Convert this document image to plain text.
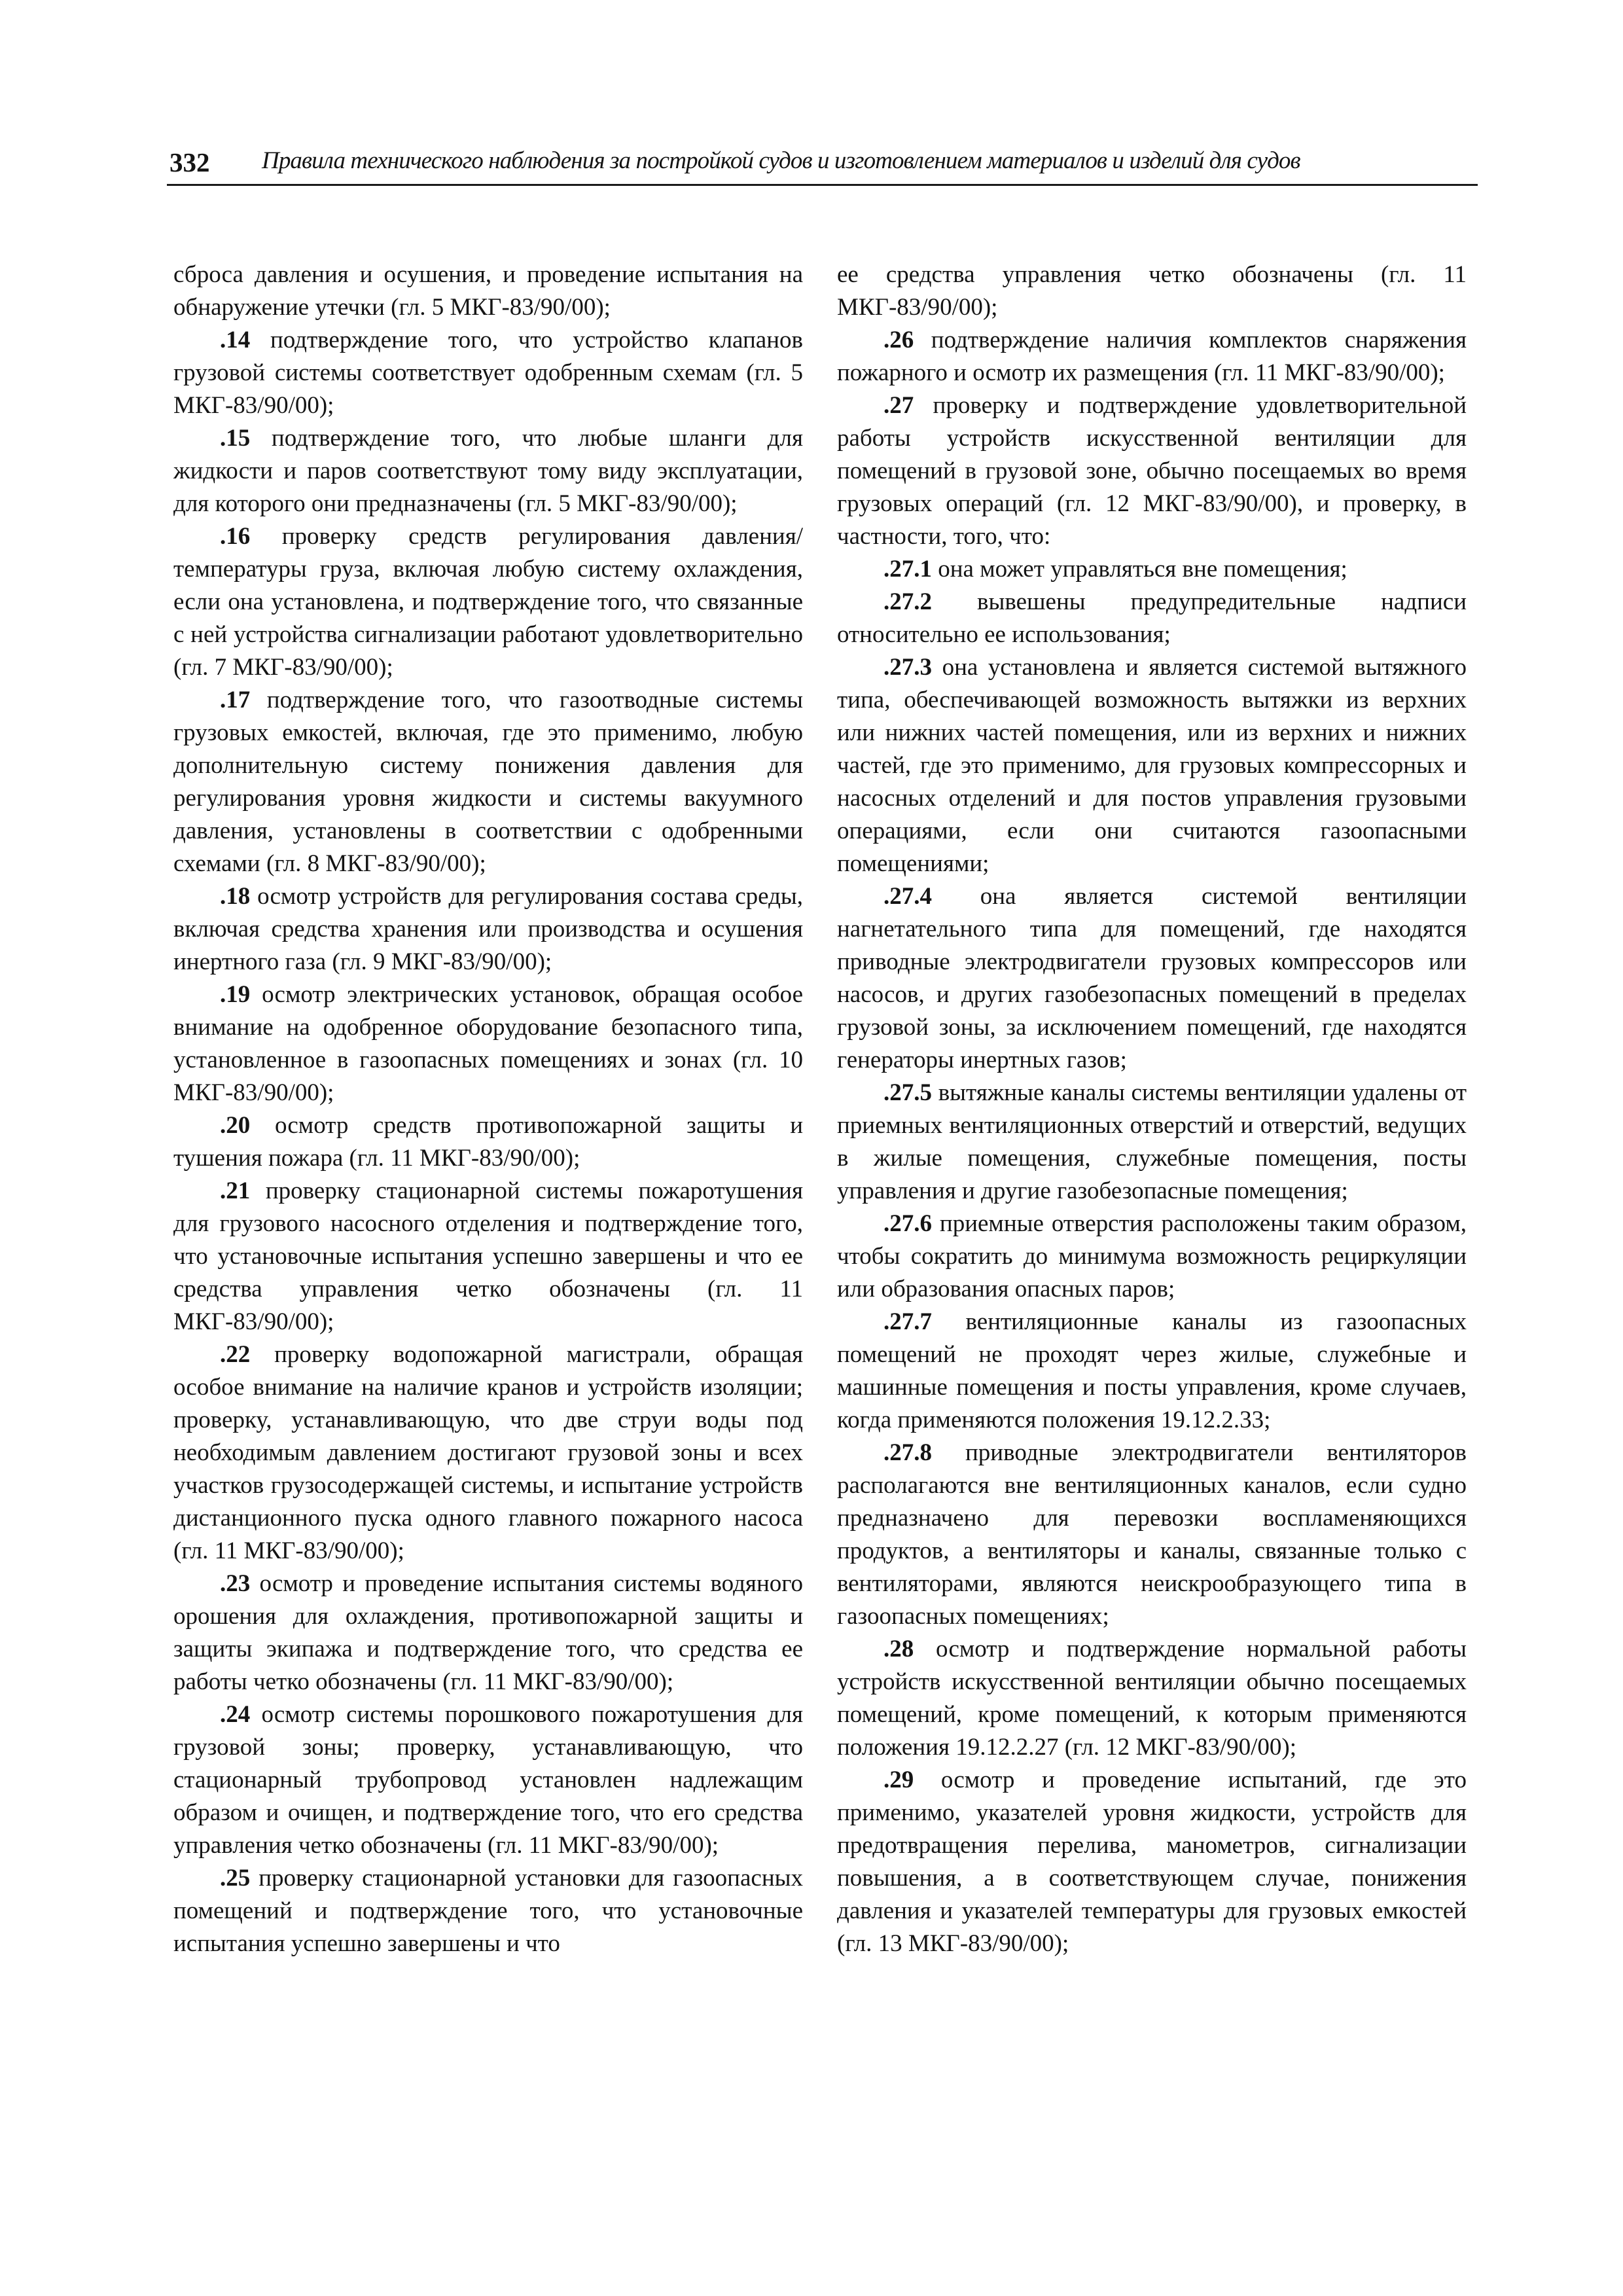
332 Правила технического наблюдения за постройкой судов и изготовлением материалов и изделий для судов

сброса давления и осушения, и проведение испытания на обнаружение утечки (гл. 5 МКГ-83/90/00);

.14 подтверждение того, что устройство клапанов грузовой системы соответствует одобренным схемам (гл. 5 МКГ-83/90/00);

.15 подтверждение того, что любые шланги для жидкости и паров соответствуют тому виду эксплуатации, для которого они предназначены (гл. 5 МКГ-83/90/00);

.16 проверку средств регулирования давления/температуры груза, включая любую систему охлаждения, если она установлена, и подтверждение того, что связанные с ней устройства сигнализации работают удовлетворительно (гл. 7 МКГ-83/90/00);

.17 подтверждение того, что газоотводные системы грузовых емкостей, включая, где это применимо, любую дополнительную систему понижения давления для регулирования уровня жидкости и системы вакуумного давления, установлены в соответствии с одобренными схемами (гл. 8 МКГ-83/90/00);

.18 осмотр устройств для регулирования состава среды, включая средства хранения или производства и осушения инертного газа (гл. 9 МКГ-83/90/00);

.19 осмотр электрических установок, обращая особое внимание на одобренное оборудование безопасного типа, установленное в газоопасных помещениях и зонах (гл. 10 МКГ-83/90/00);

.20 осмотр средств противопожарной защиты и тушения пожара (гл. 11 МКГ-83/90/00);

.21 проверку стационарной системы пожаротушения для грузового насосного отделения и подтверждение того, что установочные испытания успешно завершены и что ее средства управления четко обозначены (гл. 11 МКГ-83/90/00);

.22 проверку водопожарной магистрали, обращая особое внимание на наличие кранов и устройств изоляции; проверку, устанавливающую, что две струи воды под необходимым давлением достигают грузовой зоны и всех участков грузосодержащей системы, и испытание устройств дистанционного пуска одного главного пожарного насоса (гл. 11 МКГ-83/90/00);

.23 осмотр и проведение испытания системы водяного орошения для охлаждения, противопожарной защиты и защиты экипажа и подтверждение того, что средства ее работы четко обозначены (гл. 11 МКГ-83/90/00);

.24 осмотр системы порошкового пожаротушения для грузовой зоны; проверку, устанавливающую, что стационарный трубопровод установлен надлежащим образом и очищен, и подтверждение того, что его средства управления четко обозначены (гл. 11 МКГ-83/90/00);

.25 проверку стационарной установки для газоопасных помещений и подтверждение того, что установочные испытания успешно завершены и что

ее средства управления четко обозначены (гл. 11 МКГ-83/90/00);

.26 подтверждение наличия комплектов снаряжения пожарного и осмотр их размещения (гл. 11 МКГ-83/90/00);

.27 проверку и подтверждение удовлетворительной работы устройств искусственной вентиляции для помещений в грузовой зоне, обычно посещаемых во время грузовых операций (гл. 12 МКГ-83/90/00), и проверку, в частности, того, что:

.27.1 она может управляться вне помещения;

.27.2 вывешены предупредительные надписи относительно ее использования;

.27.3 она установлена и является системой вытяжного типа, обеспечивающей возможность вытяжки из верхних или нижних частей помещения, или из верхних и нижних частей, где это применимо, для грузовых компрессорных и насосных отделений и для постов управления грузовыми операциями, если они считаются газоопасными помещениями;

.27.4 она является системой вентиляции нагнетательного типа для помещений, где находятся приводные электродвигатели грузовых компрессоров или насосов, и других газобезопасных помещений в пределах грузовой зоны, за исключением помещений, где находятся генераторы инертных газов;

.27.5 вытяжные каналы системы вентиляции удалены от приемных вентиляционных отверстий и отверстий, ведущих в жилые помещения, служебные помещения, посты управления и другие газобезопасные помещения;

.27.6 приемные отверстия расположены таким образом, чтобы сократить до минимума возможность рециркуляции или образования опасных паров;

.27.7 вентиляционные каналы из газоопасных помещений не проходят через жилые, служебные и машинные помещения и посты управления, кроме случаев, когда применяются положения 19.12.2.33;

.27.8 приводные электродвигатели вентиляторов располагаются вне вентиляционных каналов, если судно предназначено для перевозки воспламеняющихся продуктов, а вентиляторы и каналы, связанные только с вентиляторами, являются неискрообразующего типа в газоопасных помещениях;

.28 осмотр и подтверждение нормальной работы устройств искусственной вентиляции обычно посещаемых помещений, кроме помещений, к которым применяются положения 19.12.2.27 (гл. 12 МКГ-83/90/00);

.29 осмотр и проведение испытаний, где это применимо, указателей уровня жидкости, устройств для предотвращения перелива, манометров, сигнализации повышения, а в соответствующем случае, понижения давления и указателей температуры для грузовых емкостей (гл. 13 МКГ-83/90/00);
